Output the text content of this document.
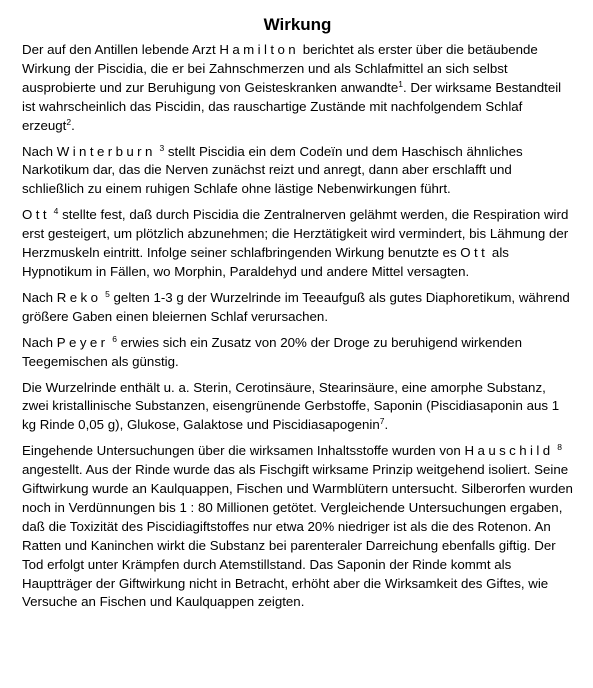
Wirkung

Der auf den Antillen lebende Arzt Hamilton berichtet als erster über die betäubende Wirkung der Piscidia, die er bei Zahnschmerzen und als Schlafmittel an sich selbst ausprobierte und zur Beruhigung von Geisteskranken anwandte$^1$. Der wirksame Bestandteil ist wahrscheinlich das Piscidin, das rauschartige Zustände mit nachfolgendem Schlaf erzeugt$^2$.

Nach Winterburn $^3$ stellt Piscidia ein dem Codeïn und dem Haschisch ähnliches Narkotikum dar, das die Nerven zunächst reizt und anregt, dann aber erschlafft und schließlich zu einem ruhigen Schlafe ohne lästige Nebenwirkungen führt.

Ott $^4$ stellte fest, daß durch Piscidia die Zentralnerven gelähmt werden, die Respiration wird erst gesteigert, um plötzlich abzunehmen; die Herztätigkeit wird vermindert, bis Lähmung der Herzmuskeln eintritt. Infolge seiner schlafbringenden Wirkung benutzte es Ott als Hypnotikum in Fällen, wo Morphin, Paraldehyd und andere Mittel versagten.

Nach Reko $^5$ gelten 1-3 g der Wurzelrinde im Teeaufguß als gutes Diaphoretikum, während größere Gaben einen bleiernen Schlaf verursachen.

Nach Peyer $^6$ erwies sich ein Zusatz von 20% der Droge zu beruhigend wirkenden Teegemischen als günstig.

Die Wurzelrinde enthält u. a. Sterin, Cerotinsäure, Stearinsäure, eine amorphe Substanz, zwei kristallinische Substanzen, eisengrünende Gerbstoffe, Saponin (Piscidiasaponin aus 1 kg Rinde 0,05 g), Glukose, Galaktose und Piscidiasapogenin$^7$.

Eingehende Untersuchungen über die wirksamen Inhaltsstoffe wurden von Hauschild $^8$ angestellt. Aus der Rinde wurde das als Fischgift wirksame Prinzip weitgehend isoliert. Seine Giftwirkung wurde an Kaulquappen, Fischen und Warmblütern untersucht. Silberorfen wurden noch in Verdünnungen bis 1 : 80 Millionen getötet. Vergleichende Untersuchungen ergaben, daß die Toxizität des Piscidiagiftstoffes nur etwa 20% niedriger ist als die des Rotenon. An Ratten und Kaninchen wirkt die Substanz bei parenteraler Darreichung ebenfalls giftig. Der Tod erfolgt unter Krämpfen durch Atemstillstand. Das Saponin der Rinde kommt als Hauptträger der Giftwirkung nicht in Betracht, erhöht aber die Wirksamkeit des Giftes, wie Versuche an Fischen und Kaulquappen zeigten.
